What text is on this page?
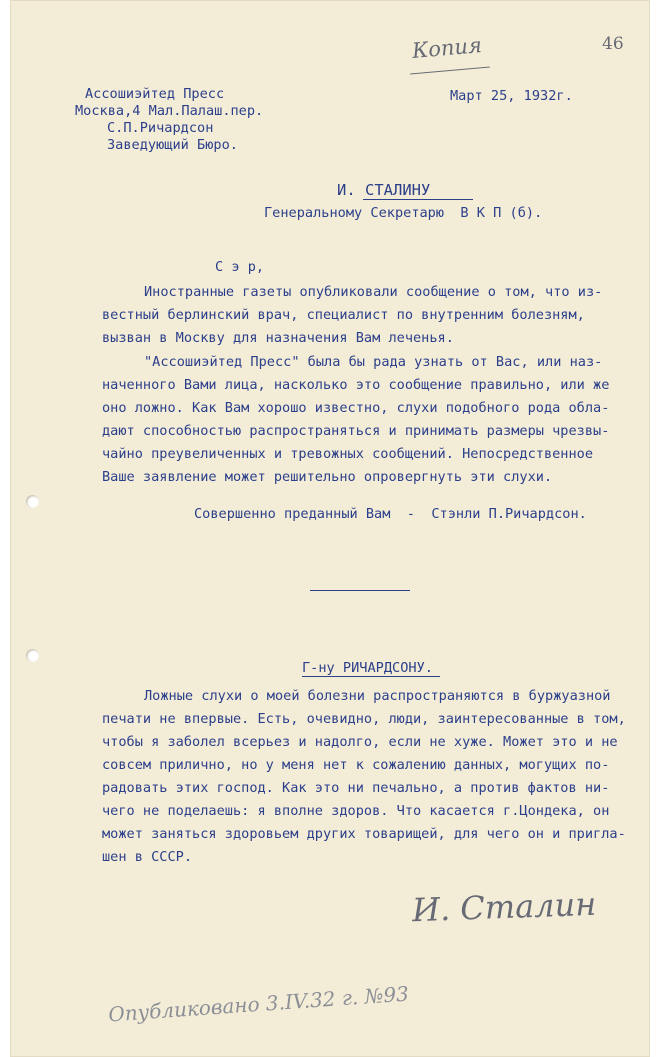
Копия	46
Ассошиэйтед Пресс
Москва,4 Мал.Палаш.пер.
С.П.Ричардсон
Заведующий Бюро.
Март 25, 1932г.
И. СТАЛИНУ
Генеральному Секретарю  В К П (б).
С э р,
Иностранные газеты опубликовали сообщение о том, что из-
вестный берлинский врач, специалист по внутренним болезням,
вызван в Москву для назначения Вам леченья.
"Ассошиэйтед Пресс" была бы рада узнать от Вас, или наз-
наченного Вами лица, насколько это сообщение правильно, или же
оно ложно. Как Вам хорошо известно, слухи подобного рода обла-
дают способностью распространяться и принимать размеры чрезвы-
чайно преувеличенных и тревожных сообщений. Непосредственное
Ваше заявление может решительно опровергнуть эти слухи.
Совершенно преданный Вам  -  Стэнли П.Ричардсон.
Г-ну РИЧАРДСОНУ.
Ложные слухи о моей болезни распространяются в буржуазной
печати не впервые. Есть, очевидно, люди, заинтересованные в том,
чтобы я заболел всерьез и надолго, если не хуже. Может это и не
совсем прилично, но у меня нет к сожалению данных, могущих по-
радовать этих господ. Как это ни печально, а против фактов ни-
чего не поделаешь: я вполне здоров. Что касается г.Цондека, он
может заняться здоровьем других товарищей, для чего он и пригла-
шен в СССР.
И. Сталин
Опубликовано 3.IV.32 г. №93
